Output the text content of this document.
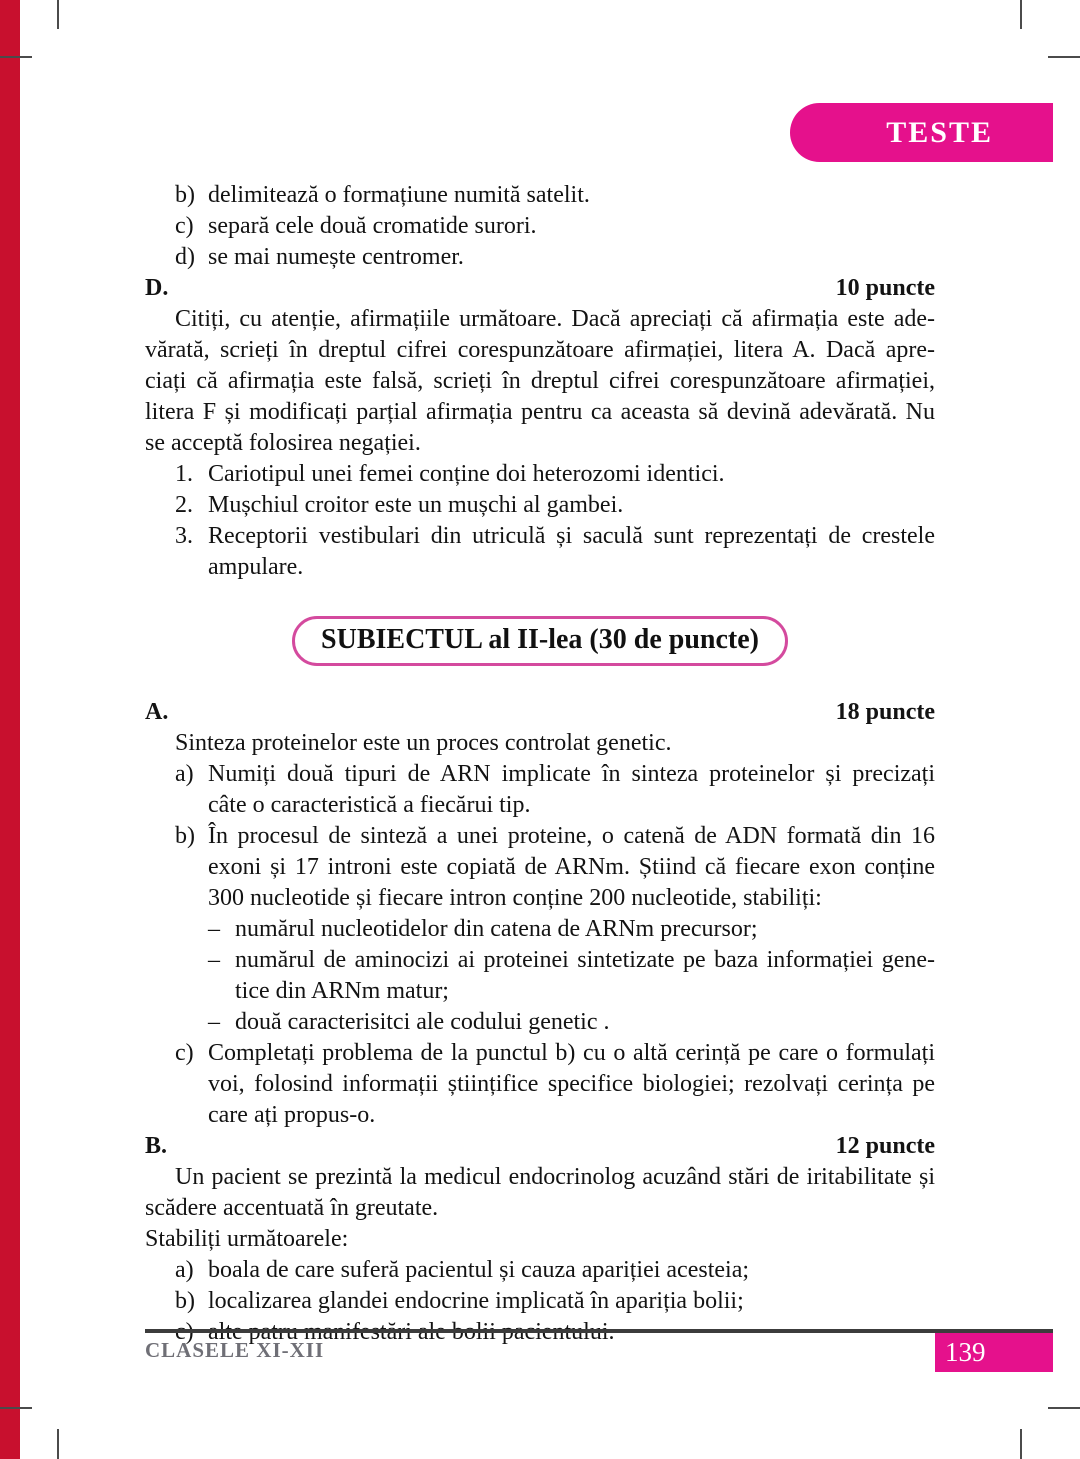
TESTE
b) delimitează o formațiune numită satelit.
c) separă cele două cromatide surori.
d) se mai numește centromer.
D.	10 puncte
Citiți, cu atenție, afirmațiile următoare. Dacă apreciați că afirmația este ade-
vărată, scrieți în dreptul cifrei corespunzătoare afirmației, litera A. Dacă apre-
ciați că afirmația este falsă, scrieți în dreptul cifrei corespunzătoare afirmației,
litera F și modificați parțial afirmația pentru ca aceasta să devină adevărată. Nu
se acceptă folosirea negației.
1. Cariotipul unei femei conține doi heterozomi identici.
2. Mușchiul croitor este un mușchi al gambei.
3. Receptorii vestibulari din utriculă și saculă sunt reprezentați de crestele
ampulare.
SUBIECTUL al II-lea (30 de puncte)
A.	18 puncte
Sinteza proteinelor este un proces controlat genetic.
a) Numiți două tipuri de ARN implicate în sinteza proteinelor și precizați
câte o caracteristică a fiecărui tip.
b) În procesul de sinteză a unei proteine, o catenă de ADN formată din 16
exoni și 17 introni este copiată de ARNm. Știind că fiecare exon conține
300 nucleotide și fiecare intron conține 200 nucleotide, stabiliți:
– numărul nucleotidelor din catena de ARNm precursor;
– numărul de aminocizi ai proteinei sintetizate pe baza informației gene-
tice din ARNm matur;
– două caracterisitci ale codului genetic .
c) Completați problema de la punctul b) cu o altă cerință pe care o formulați
voi, folosind informații științifice specifice biologiei; rezolvați cerința pe
care ați propus-o.
B.	12 puncte
Un pacient se prezintă la medicul endocrinolog acuzând stări de iritabilitate și
scădere accentuată în greutate.
Stabiliți următoarele:
a) boala de care suferă pacientul și cauza apariției acesteia;
b) localizarea glandei endocrine implicată în apariția bolii;
CLASELE XI-XII	139
